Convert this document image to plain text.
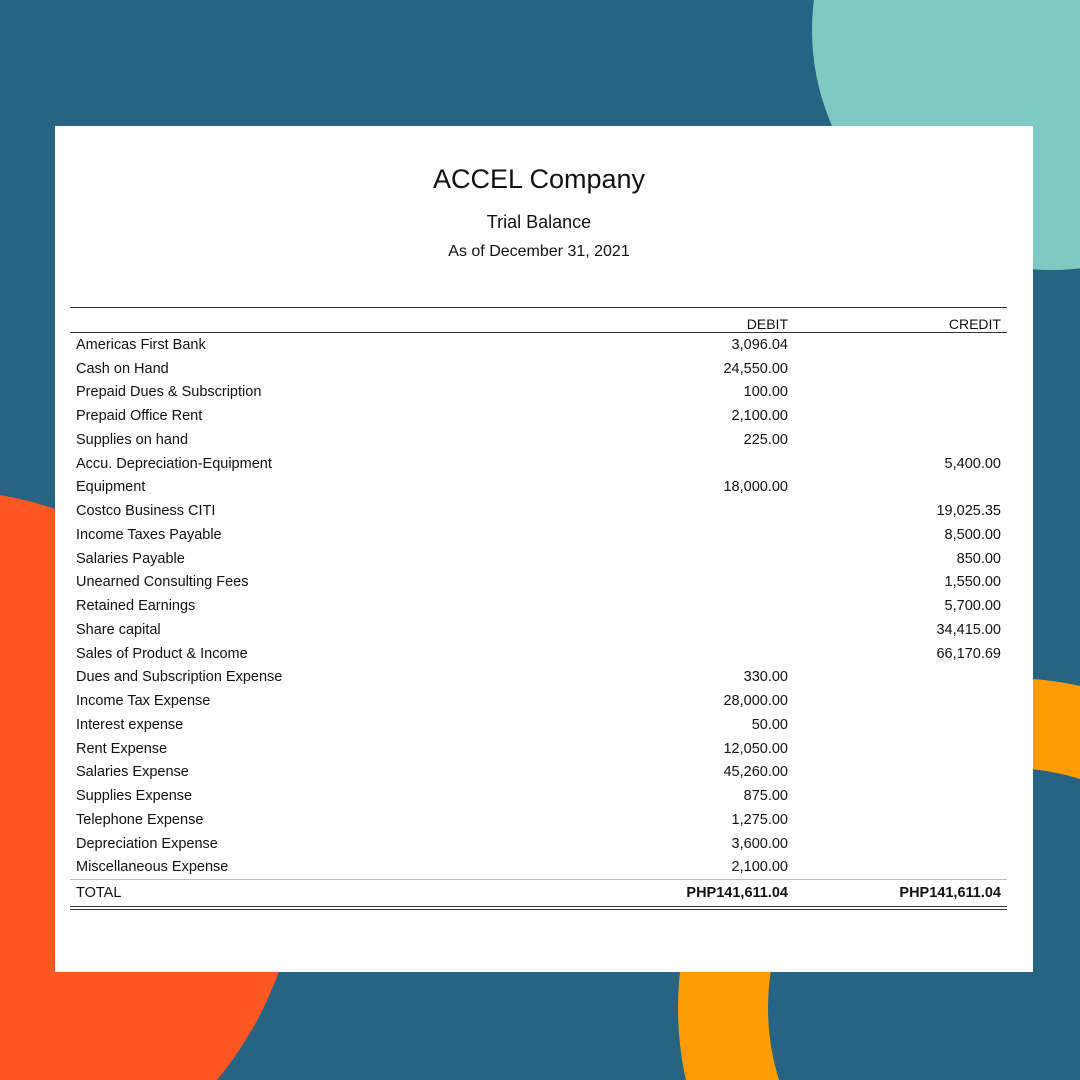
ACCEL Company
Trial Balance
As of December 31, 2021
	DEBIT	CREDIT
Americas First Bank	3,096.04	
Cash on Hand	24,550.00	
Prepaid Dues & Subscription	100.00	
Prepaid Office Rent	2,100.00	
Supplies on hand	225.00	
Accu. Depreciation-Equipment		5,400.00
Equipment	18,000.00	
Costco Business CITI		19,025.35
Income Taxes Payable		8,500.00
Salaries Payable		850.00
Unearned Consulting Fees		1,550.00
Retained Earnings		5,700.00
Share capital		34,415.00
Sales of Product & Income		66,170.69
Dues and Subscription Expense	330.00	
Income Tax Expense	28,000.00	
Interest expense	50.00	
Rent Expense	12,050.00	
Salaries Expense	45,260.00	
Supplies Expense	875.00	
Telephone Expense	1,275.00	
Depreciation Expense	3,600.00	
Miscellaneous Expense	2,100.00	
TOTAL	PHP141,611.04	PHP141,611.04
